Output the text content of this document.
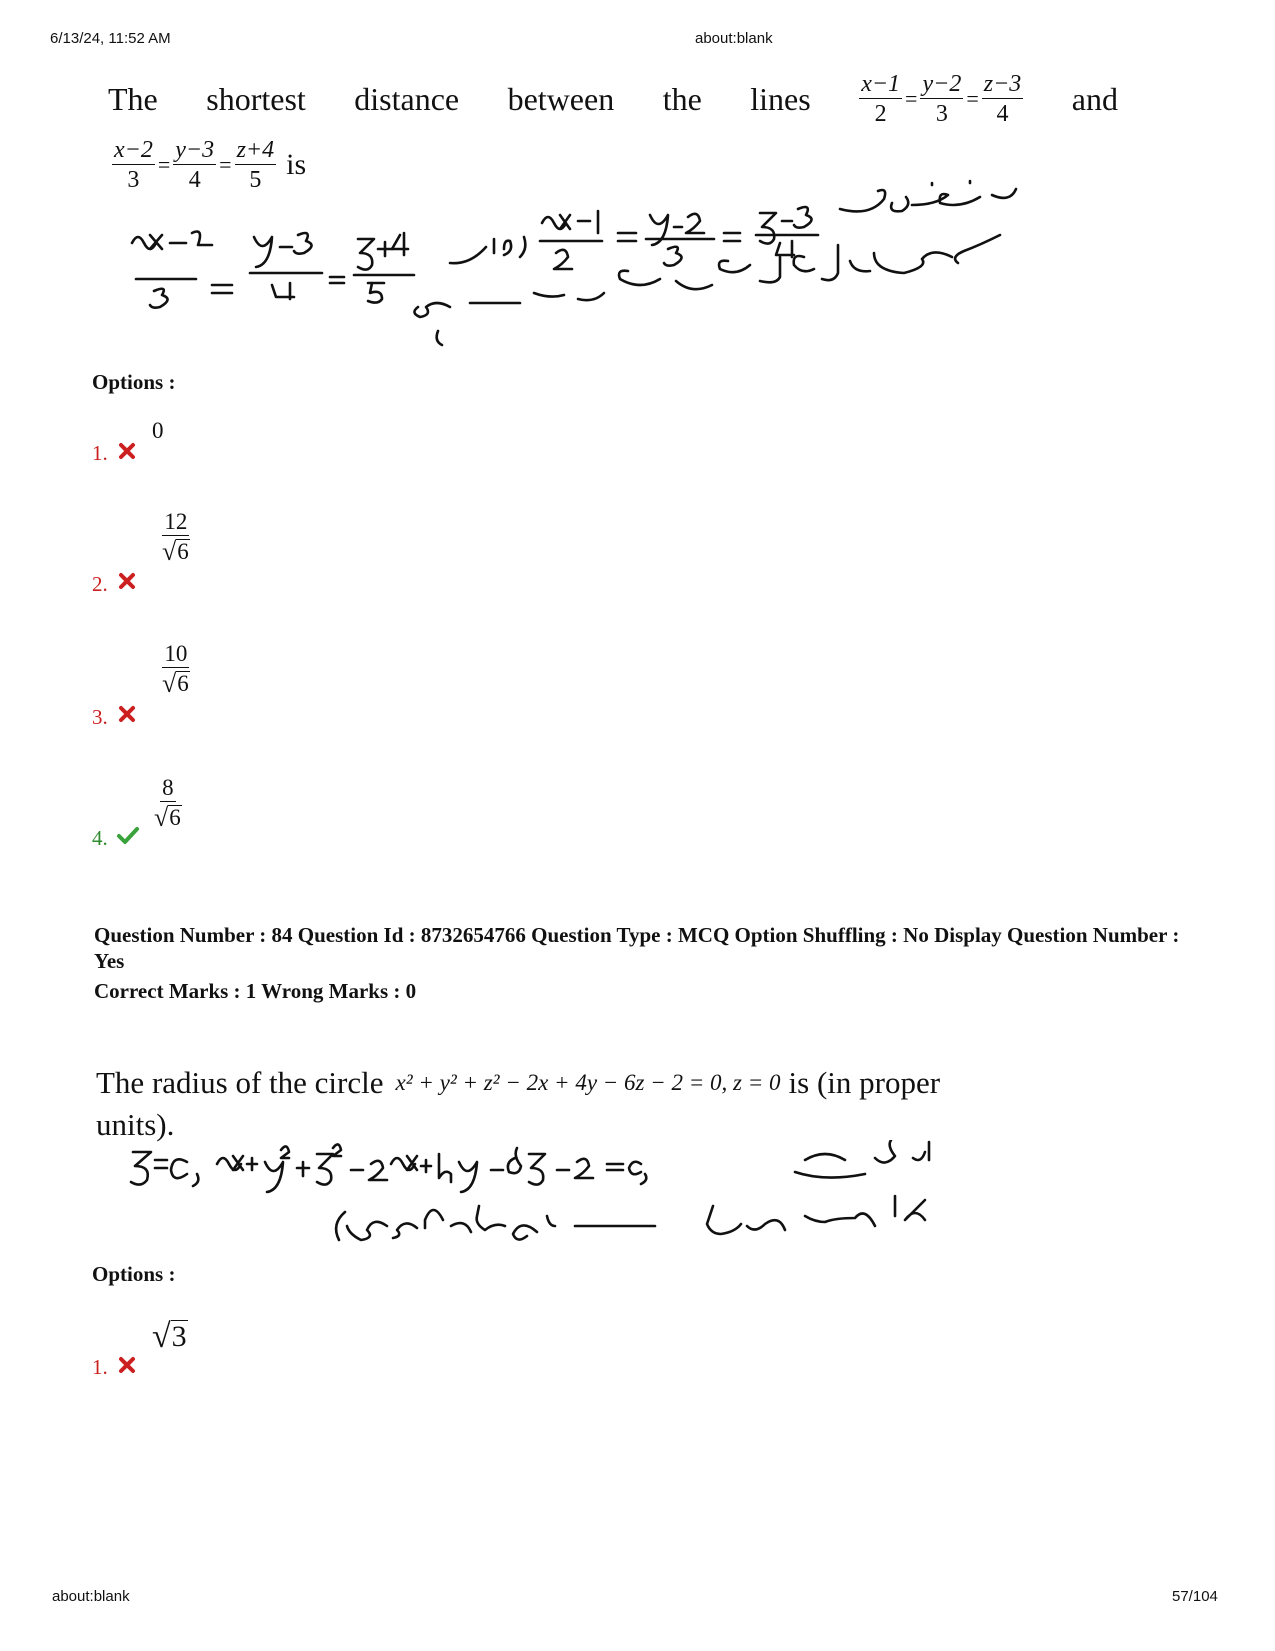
6/13/24, 11:52 AM	about:blank
The shortest distance between the lines $\frac{x-1}{2} = \frac{y-2}{3} = \frac{z-3}{4}$ and
$\frac{x-2}{3} = \frac{y-3}{4} = \frac{z+4}{5}$ is
Options :
1.
0
2.
$\frac{12}{√ 6}$
3.
$\frac{10}{√ 6}$
4.
$\frac{8}{√ 6}$
Question Number : 84 Question Id : 8732654766 Question Type : MCQ Option Shuffling : No Display Question Number : Yes
Correct Marks : 1 Wrong Marks : 0
The radius of the circle x² + y² + z² − 2x + 4y − 6z − 2 = 0, z = 0 is (in proper
units).
Options :
1.
√ 3
about:blank	57/104
